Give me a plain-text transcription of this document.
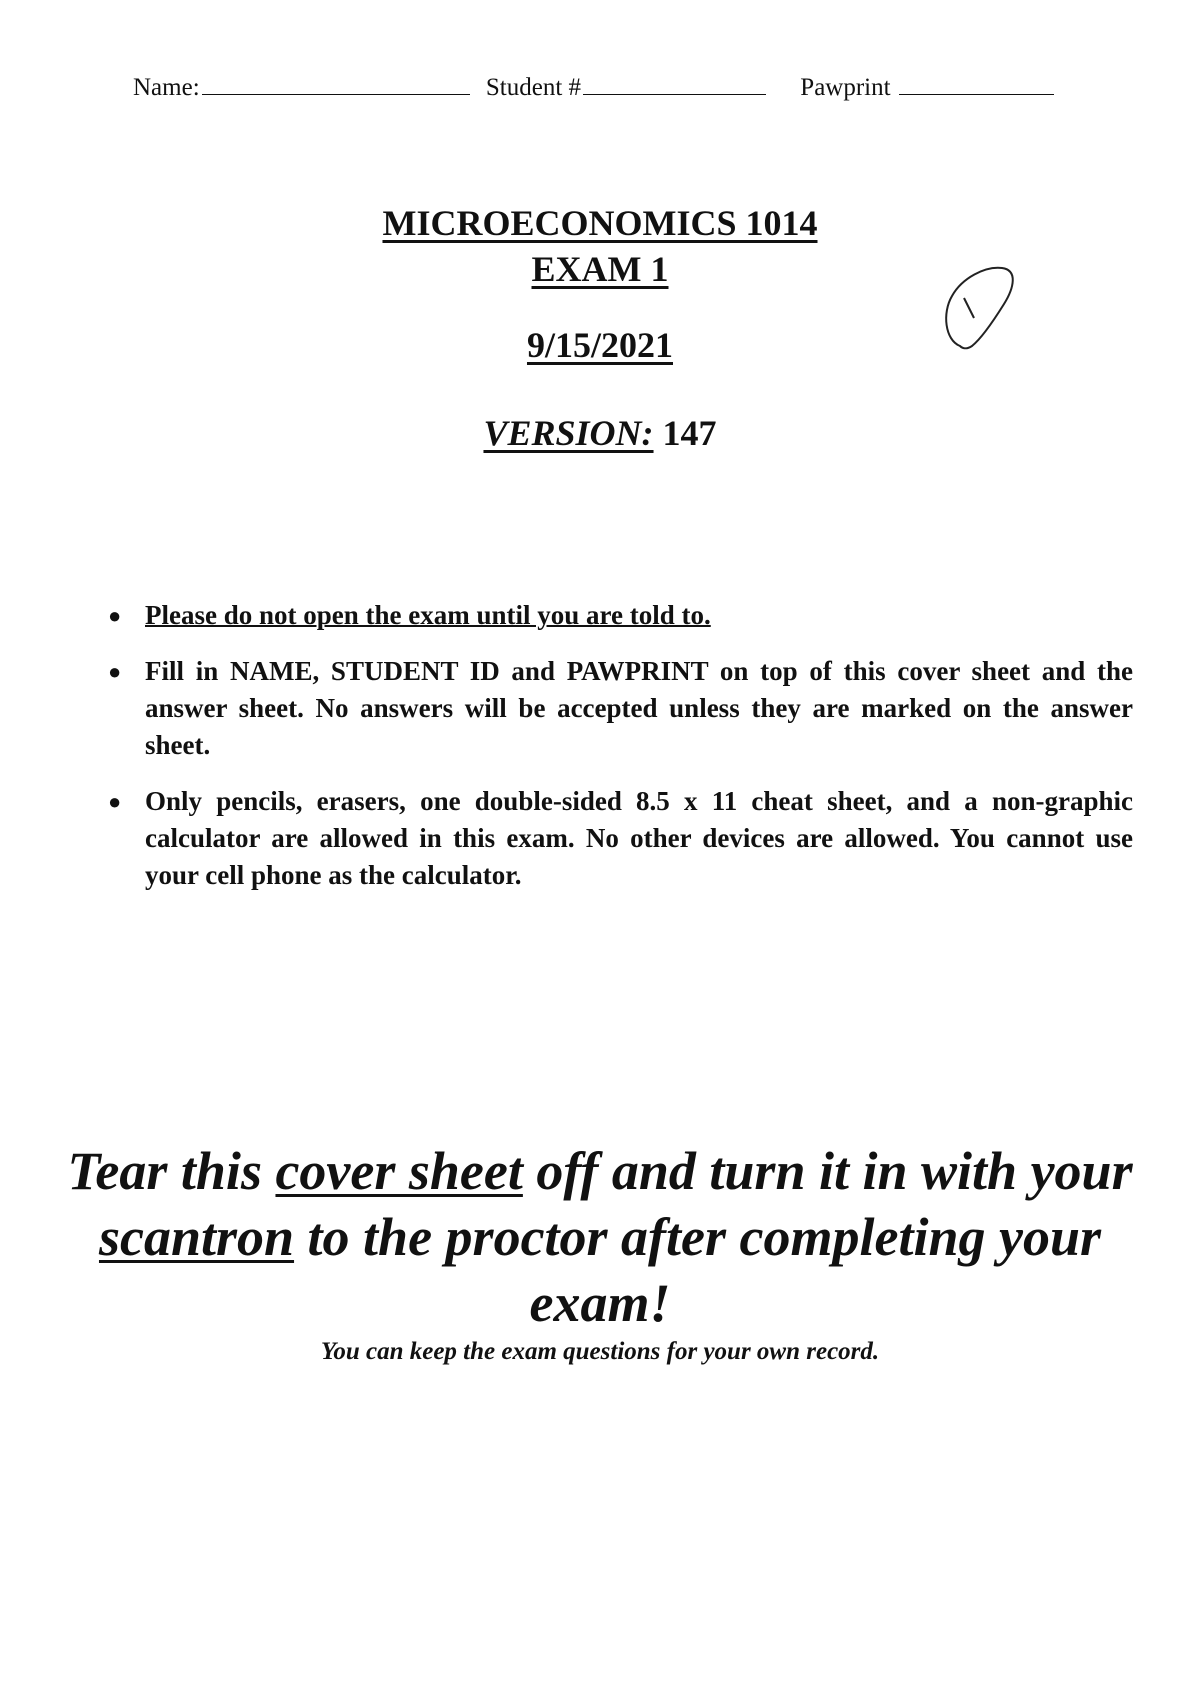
Name:	Student #	Pawprint
MICROECONOMICS 1014
EXAM 1
9/15/2021
VERSION: 147
● Please do not open the exam until you are told to.
● Fill in NAME, STUDENT ID and PAWPRINT on top of this cover sheet and the answer sheet. No answers will be accepted unless they are marked on the answer sheet.
● Only pencils, erasers, one double-sided 8.5 x 11 cheat sheet, and a non-graphic calculator are allowed in this exam. No other devices are allowed. You cannot use your cell phone as the calculator.
Tear this cover sheet off and turn it in with your scantron to the proctor after completing your exam!
You can keep the exam questions for your own record.
